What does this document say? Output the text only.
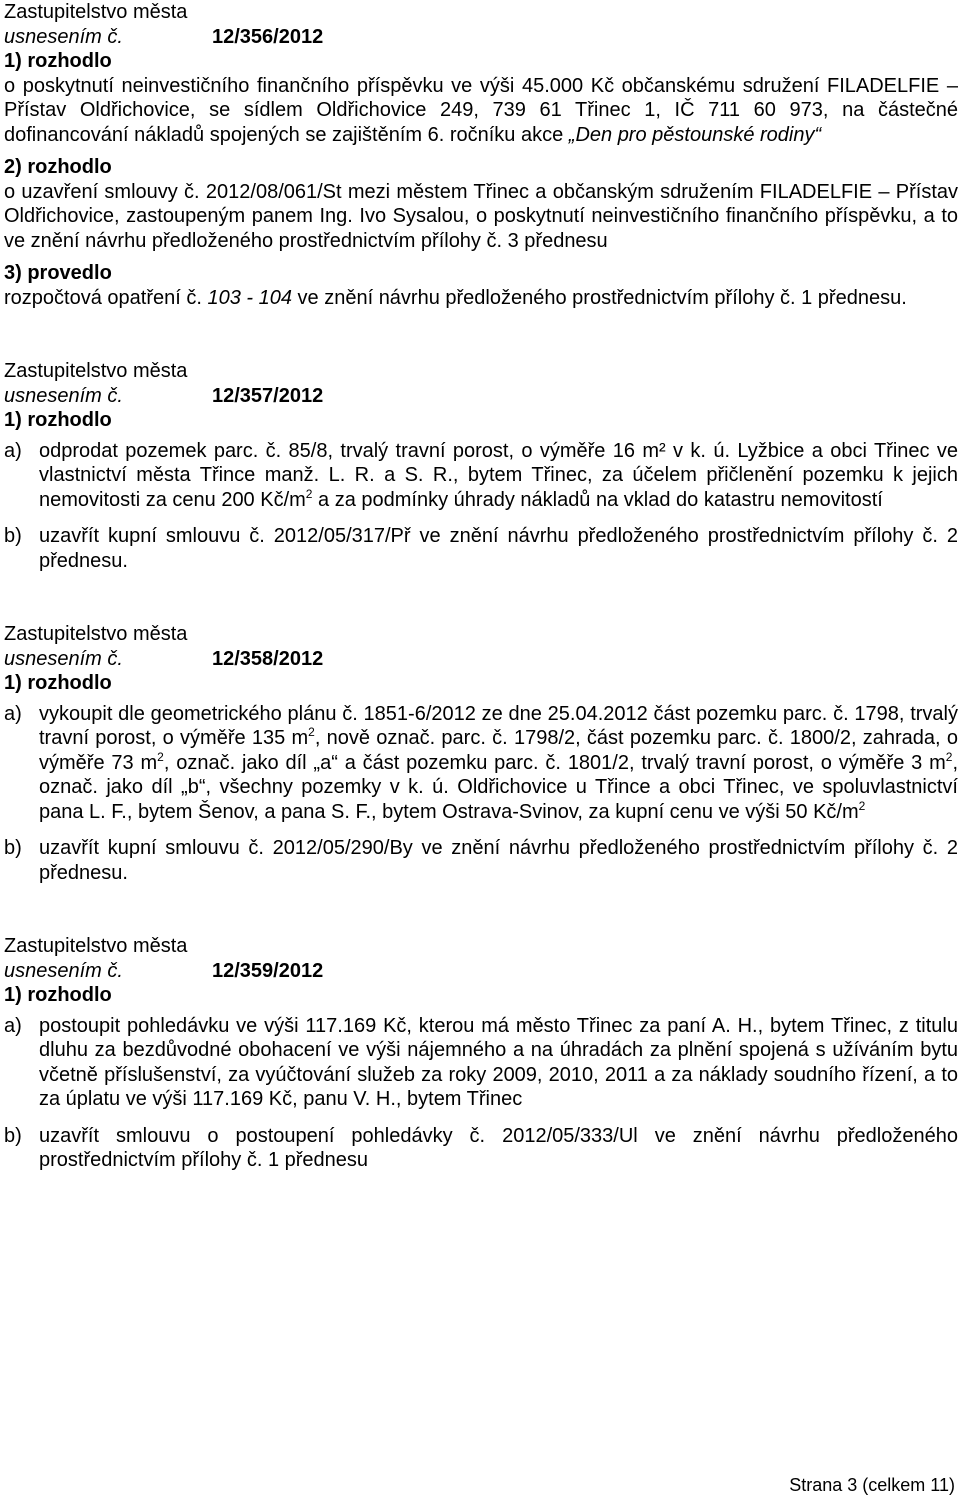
Zastupitelstvo města
usnesením č.	12/356/2012
1) rozhodlo
o poskytnutí neinvestičního finančního příspěvku ve výši 45.000 Kč občanskému sdružení FILADELFIE – Přístav Oldřichovice, se sídlem Oldřichovice 249, 739 61 Třinec 1, IČ 711 60 973, na částečné dofinancování nákladů spojených se zajištěním 6. ročníku akce „Den pro pěstounské rodiny“
2) rozhodlo
o uzavření smlouvy č. 2012/08/061/St mezi městem Třinec a občanským sdružením FILADELFIE – Přístav Oldřichovice, zastoupeným panem Ing. Ivo Sysalou, o poskytnutí neinvestičního finančního příspěvku, a to ve znění návrhu předloženého prostřednictvím přílohy č. 3 přednesu
3) provedlo
rozpočtová opatření č. 103 - 104 ve znění návrhu předloženého prostřednictvím přílohy č. 1 přednesu.
Zastupitelstvo města
usnesením č.	12/357/2012
1) rozhodlo
a) odprodat pozemek parc. č. 85/8, trvalý travní porost, o výměře 16 m² v k. ú. Lyžbice a obci Třinec ve vlastnictví města Třince manž. L. R. a S. R., bytem Třinec, za účelem přičlenění pozemku k jejich nemovitosti za cenu 200 $Kč/m^2$ a za podmínky úhrady nákladů na vklad do katastru nemovitostí
b) uzavřít kupní smlouvu č. 2012/05/317/Př ve znění návrhu předloženého prostřednictvím přílohy č. 2 přednesu.
Zastupitelstvo města
usnesením č.	12/358/2012
1) rozhodlo
a) vykoupit dle geometrického plánu č. 1851-6/2012 ze dne 25.04.2012 část pozemku parc. č. 1798, trvalý travní porost, o výměře 135 $m^2$, nově označ. parc. č. 1798/2, část pozemku parc. č. 1800/2, zahrada, o výměře 73 $m^2$, označ. jako díl „a“ a část pozemku parc. č. 1801/2, trvalý travní porost, o výměře 3 $m^2$, označ. jako díl „b“, všechny pozemky v k. ú. Oldřichovice u Třince a obci Třinec, ve spoluvlastnictví pana L. F., bytem Šenov, a pana S. F., bytem Ostrava-Svinov, za kupní cenu ve výši 50 $Kč/m^2$
b) uzavřít kupní smlouvu č. 2012/05/290/By ve znění návrhu předloženého prostřednictvím přílohy č. 2 přednesu.
Zastupitelstvo města
usnesením č.	12/359/2012
1) rozhodlo
a) postoupit pohledávku ve výši 117.169 Kč, kterou má město Třinec za paní A. H., bytem Třinec, z titulu dluhu za bezdůvodné obohacení ve výši nájemného a na úhradách za plnění spojená s užíváním bytu včetně příslušenství, za vyúčtování služeb za roky 2009, 2010, 2011 a za náklady soudního řízení, a to za úplatu ve výši 117.169 Kč, panu V. H., bytem Třinec
b) uzavřít smlouvu o postoupení pohledávky č. 2012/05/333/Ul ve znění návrhu předloženého prostřednictvím přílohy č. 1 přednesu
Strana 3 (celkem 11)
